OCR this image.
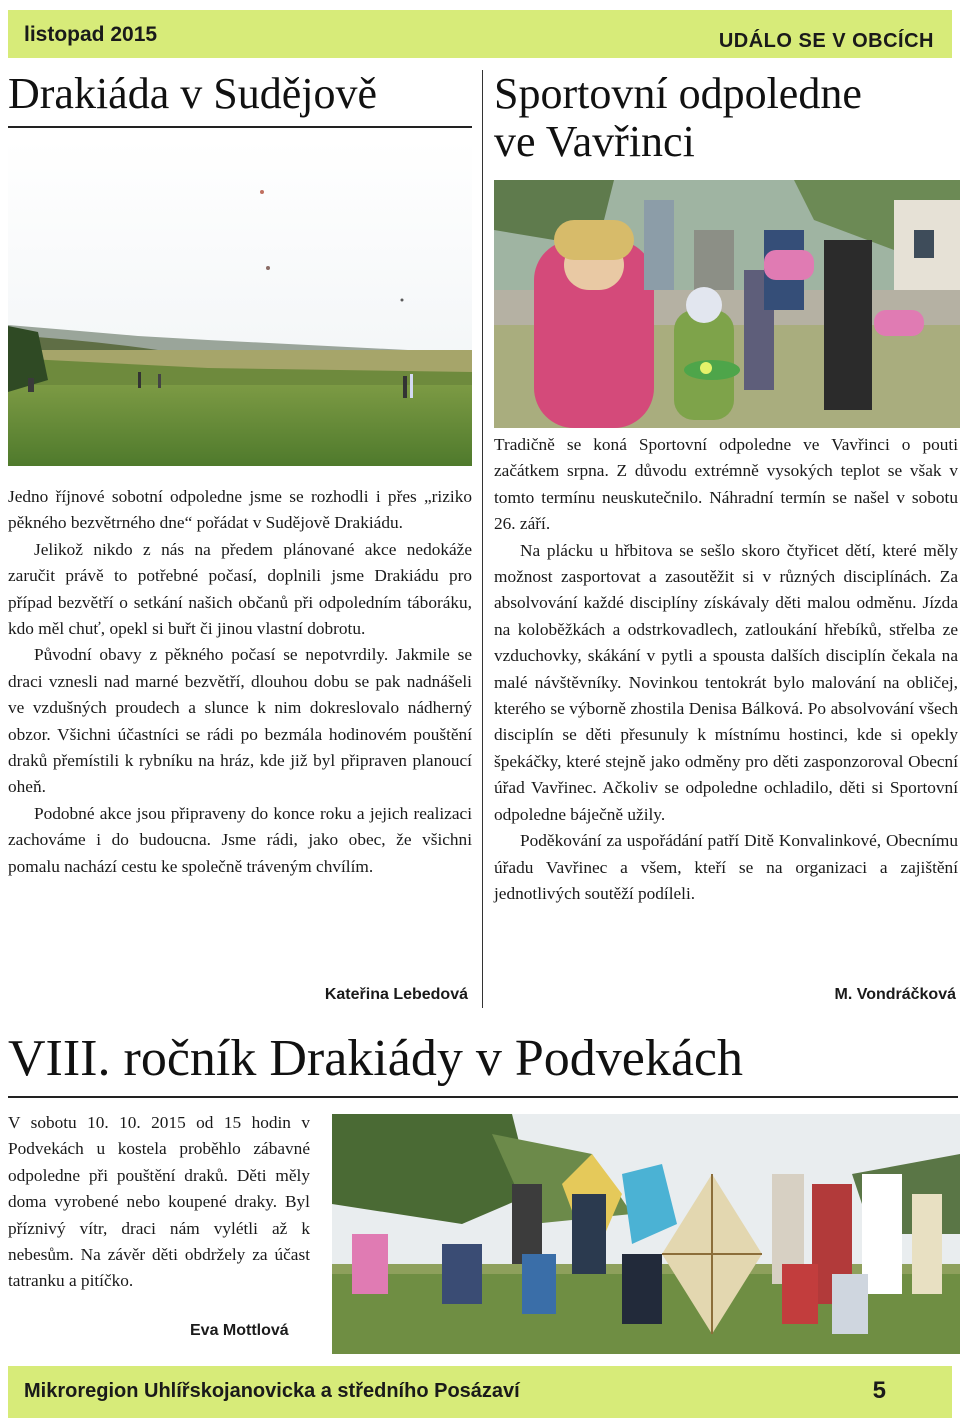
listopad 2015	UDÁLO SE V OBCÍCH
Drakiáda v Sudějově	Sportovní odpoledne
ve Vavřinci

Jedno říjnové sobotní odpoledne jsme se rozhodli i přes „riziko pěkného bezvětrného dne“ pořádat v Sudějově Drakiádu.

Jelikož nikdo z nás na předem plánované akce nedokáže zaručit právě to potřebné počasí, doplnili jsme Drakiádu pro případ bezvětří o setkání našich občanů při odpoledním táboráku, kdo měl chuť, opekl si buřt či jinou vlastní dobrotu.

Původní obavy z pěkného počasí se nepotvrdily. Jakmile se draci vznesli nad marné bezvětří, dlouhou dobu se pak nadnášeli ve vzdušných proudech a slunce k nim dokreslovalo nádherný obzor. Všichni účastníci se rádi po bezmála hodinovém pouštění draků přemístili k rybníku na hráz, kde již byl připraven planoucí oheň.

Podobné akce jsou připraveny do konce roku a jejich realizaci zachováme i do budoucna. Jsme rádi, jako obec, že všichni pomalu nachází cestu ke společně tráveným chvílím.

Kateřina Lebedová

Tradičně se koná Sportovní odpoledne ve Vavřinci o pouti začátkem srpna. Z důvodu extrémně vysokých teplot se však v tomto termínu neuskutečnilo. Náhradní termín se našel v sobotu 26. září.

Na plácku u hřbitova se sešlo skoro čtyřicet dětí, které měly možnost zasportovat a zasoutěžit si v různých disciplínách. Za absolvování každé disciplíny získávaly děti malou odměnu. Jízda na koloběžkách a odstrkovadlech, zatloukání hřebíků, střelba ze vzduchovky, skákání v pytli a spousta dalších disciplín čekala na malé návštěvníky. Novinkou tentokrát bylo malování na obličej, kterého se výborně zhostila Denisa Bálková. Po absolvování všech disciplín se děti přesunuly k místnímu hostinci, kde si opekly špekáčky, které stejně jako odměny pro děti zasponzoroval Obecní úřad Vavřinec. Ačkoliv se odpoledne ochladilo, děti si Sportovní odpoledne báječně užily.

Poděkování za uspořádání patří Ditě Konvalinkové, Obecnímu úřadu Vavřinec a všem, kteří se na organizaci a zajištění jednotlivých soutěží podíleli.

M. Vondráčková
VIII. ročník Drakiády v Podvekách

V sobotu 10. 10. 2015 od 15 hodin v Podvekách u kostela proběhlo zábavné odpoledne při pouštění draků. Děti měly doma vyrobené nebo koupené draky. Byl příznivý vítr, draci nám vylétli až k nebesům. Na závěr děti obdržely za účast tatranku a pitíčko.

Eva Mottlová
Mikroregion Uhlířskojanovicka a středního Posázaví	5
